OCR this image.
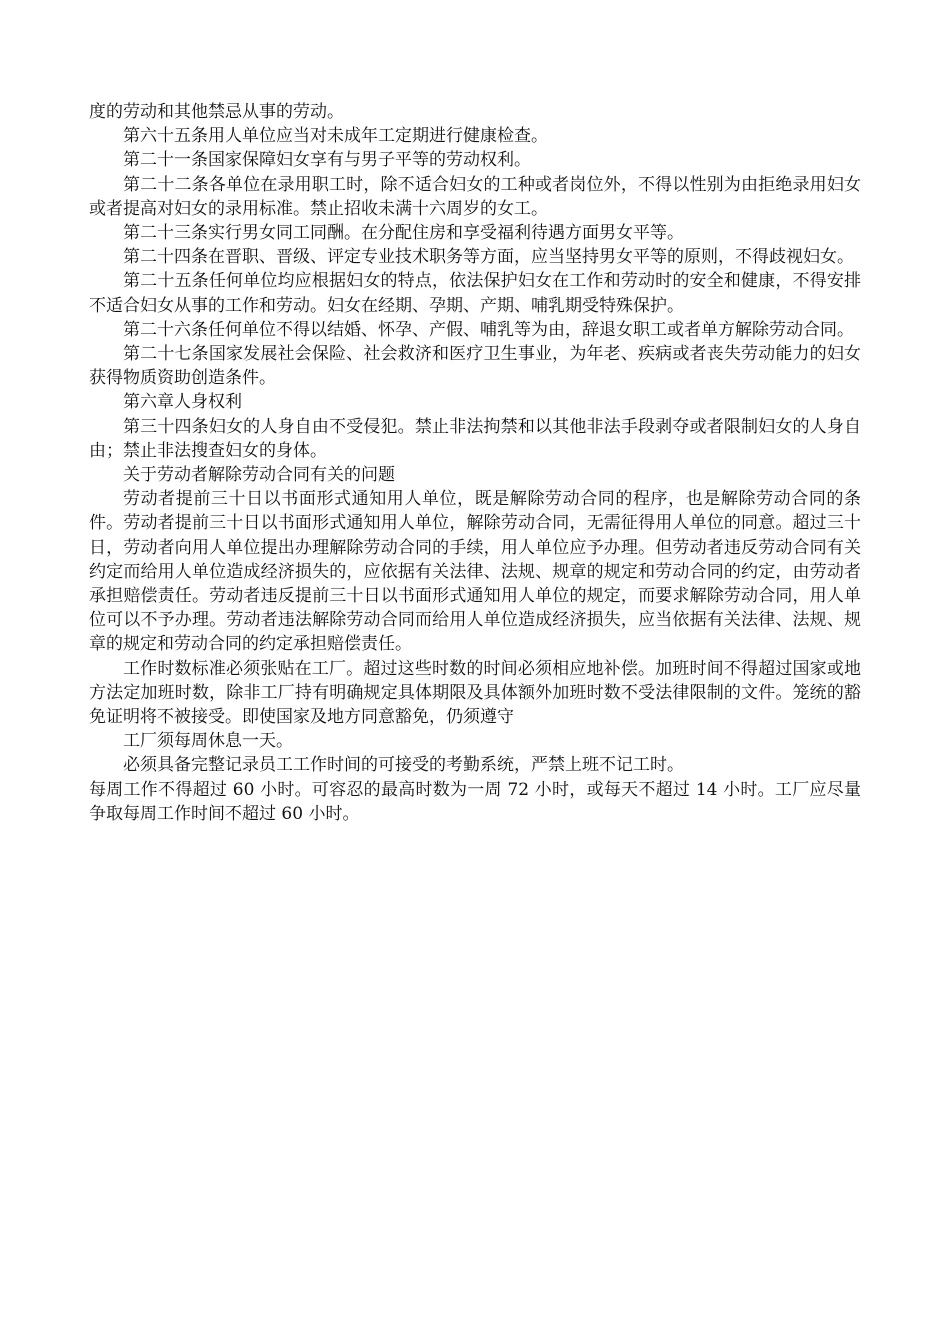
度的劳动和其他禁忌从事的劳动。

第六十五条用人单位应当对未成年工定期进行健康检查。

第二十一条国家保障妇女享有与男子平等的劳动权利。

第二十二条各单位在录用职工时，除不适合妇女的工种或者岗位外，不得以性别为由拒绝录用妇女或者提高对妇女的录用标准。禁止招收未满十六周岁的女工。

第二十三条实行男女同工同酬。在分配住房和享受福利待遇方面男女平等。

第二十四条在晋职、晋级、评定专业技术职务等方面，应当坚持男女平等的原则，不得歧视妇女。

第二十五条任何单位均应根据妇女的特点，依法保护妇女在工作和劳动时的安全和健康，不得安排不适合妇女从事的工作和劳动。妇女在经期、孕期、产期、哺乳期受特殊保护。

第二十六条任何单位不得以结婚、怀孕、产假、哺乳等为由，辞退女职工或者单方解除劳动合同。

第二十七条国家发展社会保险、社会救济和医疗卫生事业，为年老、疾病或者丧失劳动能力的妇女获得物质资助创造条件。

第六章人身权利

第三十四条妇女的人身自由不受侵犯。禁止非法拘禁和以其他非法手段剥夺或者限制妇女的人身自由；禁止非法搜查妇女的身体。

关于劳动者解除劳动合同有关的问题

劳动者提前三十日以书面形式通知用人单位，既是解除劳动合同的程序，也是解除劳动合同的条件。劳动者提前三十日以书面形式通知用人单位，解除劳动合同，无需征得用人单位的同意。超过三十日，劳动者向用人单位提出办理解除劳动合同的手续，用人单位应予办理。但劳动者违反劳动合同有关约定而给用人单位造成经济损失的，应依据有关法律、法规、规章的规定和劳动合同的约定，由劳动者承担赔偿责任。劳动者违反提前三十日以书面形式通知用人单位的规定，而要求解除劳动合同，用人单位可以不予办理。劳动者违法解除劳动合同而给用人单位造成经济损失，应当依据有关法律、法规、规章的规定和劳动合同的约定承担赔偿责任。

工作时数标准必须张贴在工厂。超过这些时数的时间必须相应地补偿。加班时间不得超过国家或地方法定加班时数，除非工厂持有明确规定具体期限及具体额外加班时数不受法律限制的文件。笼统的豁免证明将不被接受。即使国家及地方同意豁免，仍须遵守

工厂须每周休息一天。

必须具备完整记录员工工作时间的可接受的考勤系统，严禁上班不记工时。

每周工作不得超过 60 小时。可容忍的最高时数为一周 72 小时，或每天不超过 14 小时。工厂应尽量争取每周工作时间不超过 60 小时。
